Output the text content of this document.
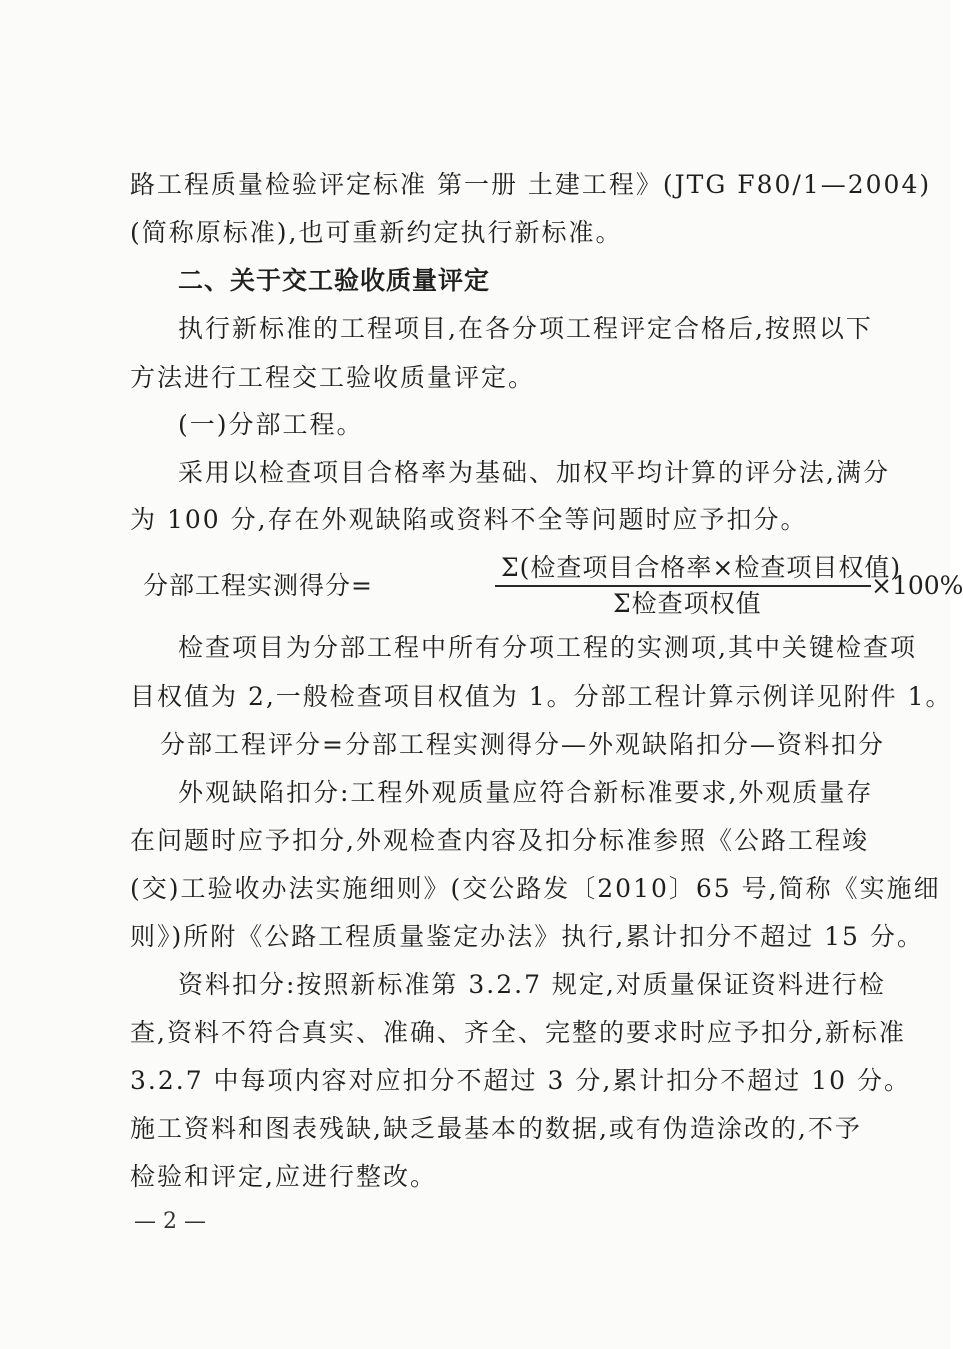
路工程质量检验评定标准 第一册 土建工程》(JTG F80/1—2004)
(简称原标准),也可重新约定执行新标准。
二、关于交工验收质量评定
执行新标准的工程项目,在各分项工程评定合格后,按照以下
方法进行工程交工验收质量评定。
(一)分部工程。
采用以检查项目合格率为基础、加权平均计算的评分法,满分
为 100 分,存在外观缺陷或资料不全等问题时应予扣分。
分部工程实测得分=
Σ(检查项目合格率×检查项目权值)
Σ检查项权值
×100%
检查项目为分部工程中所有分项工程的实测项,其中关键检查项
目权值为 2,一般检查项目权值为 1。分部工程计算示例详见附件 1。
分部工程评分=分部工程实测得分—外观缺陷扣分—资料扣分
外观缺陷扣分:工程外观质量应符合新标准要求,外观质量存
在问题时应予扣分,外观检查内容及扣分标准参照《公路工程竣
(交)工验收办法实施细则》(交公路发〔2010〕65 号,简称《实施细
则》)所附《公路工程质量鉴定办法》执行,累计扣分不超过 15 分。
资料扣分:按照新标准第 3.2.7 规定,对质量保证资料进行检
查,资料不符合真实、准确、齐全、完整的要求时应予扣分,新标准
3.2.7 中每项内容对应扣分不超过 3 分,累计扣分不超过 10 分。
施工资料和图表残缺,缺乏最基本的数据,或有伪造涂改的,不予
检验和评定,应进行整改。
— 2 —
